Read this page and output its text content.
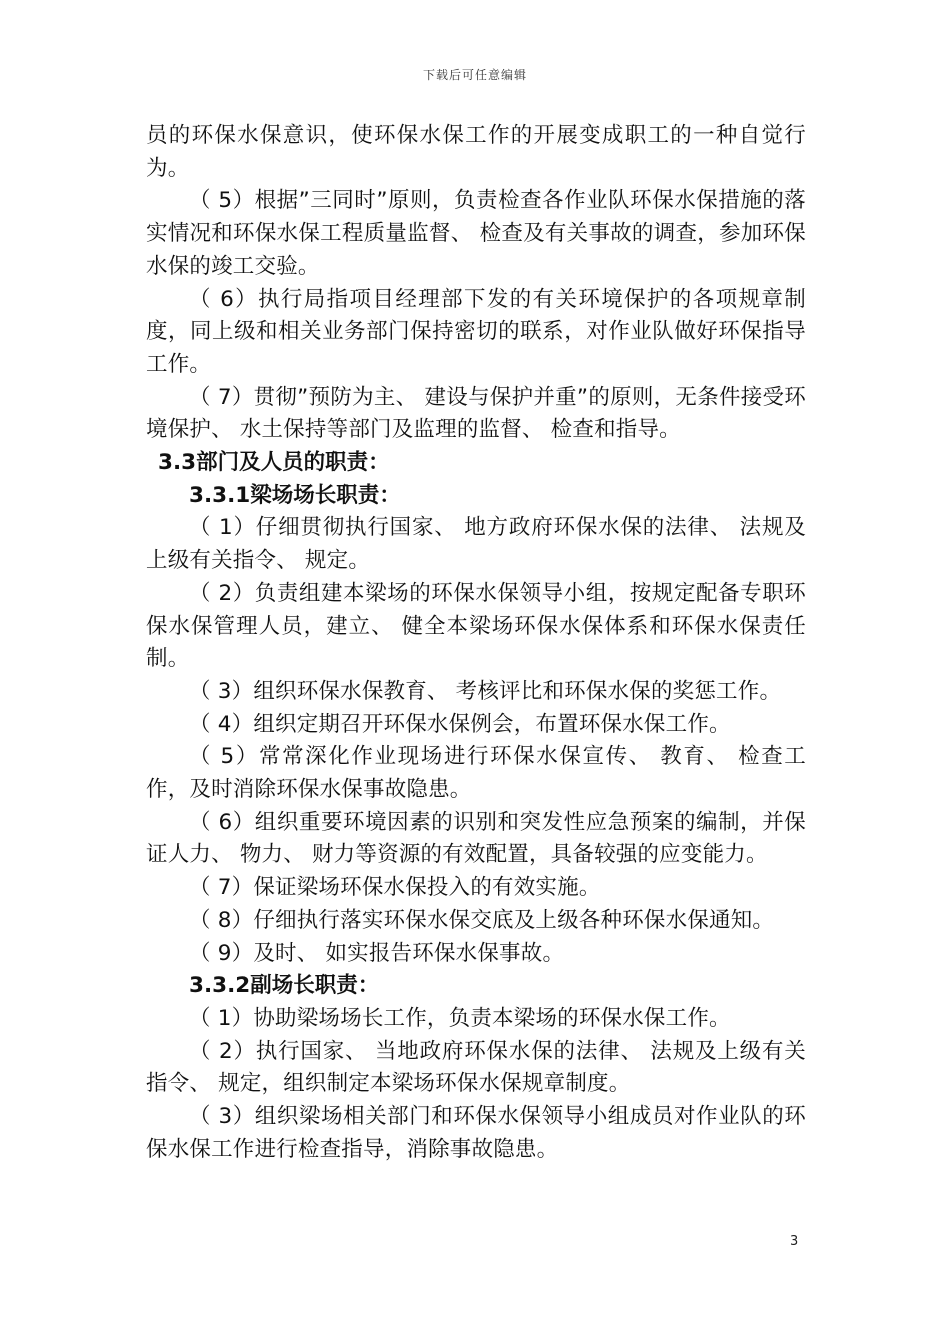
下载后可任意编辑

员的环保水保意识，使环保水保工作的开展变成职工的一种自觉行为。

（ 5）根据”三同时”原则，负责检查各作业队环保水保措施的落实情况和环保水保工程质量监督、 检查及有关事故的调查，参加环保水保的竣工交验。

（ 6）执行局指项目经理部下发的有关环境保护的各项规章制度，同上级和相关业务部门保持密切的联系，对作业队做好环保指导工作。

（ 7）贯彻”预防为主、 建设与保护并重”的原则，无条件接受环境保护、 水土保持等部门及监理的监督、 检查和指导。

3.3部门及人员的职责：

3.3.1梁场场长职责：

（ 1）仔细贯彻执行国家、 地方政府环保水保的法律、 法规及上级有关指令、 规定。

（ 2）负责组建本梁场的环保水保领导小组，按规定配备专职环保水保管理人员，建立、 健全本梁场环保水保体系和环保水保责任制。

（ 3）组织环保水保教育、 考核评比和环保水保的奖惩工作。

（ 4）组织定期召开环保水保例会，布置环保水保工作。

（ 5）常常深化作业现场进行环保水保宣传、 教育、 检查工作，及时消除环保水保事故隐患。

（ 6）组织重要环境因素的识别和突发性应急预案的编制，并保证人力、 物力、 财力等资源的有效配置，具备较强的应变能力。

（ 7）保证梁场环保水保投入的有效实施。

（ 8）仔细执行落实环保水保交底及上级各种环保水保通知。

（ 9）及时、 如实报告环保水保事故。

3.3.2副场长职责：

（ 1）协助梁场场长工作，负责本梁场的环保水保工作。

（ 2）执行国家、 当地政府环保水保的法律、 法规及上级有关指令、 规定，组织制定本梁场环保水保规章制度。

（ 3）组织梁场相关部门和环保水保领导小组成员对作业队的环保水保工作进行检查指导，消除事故隐患。

3
